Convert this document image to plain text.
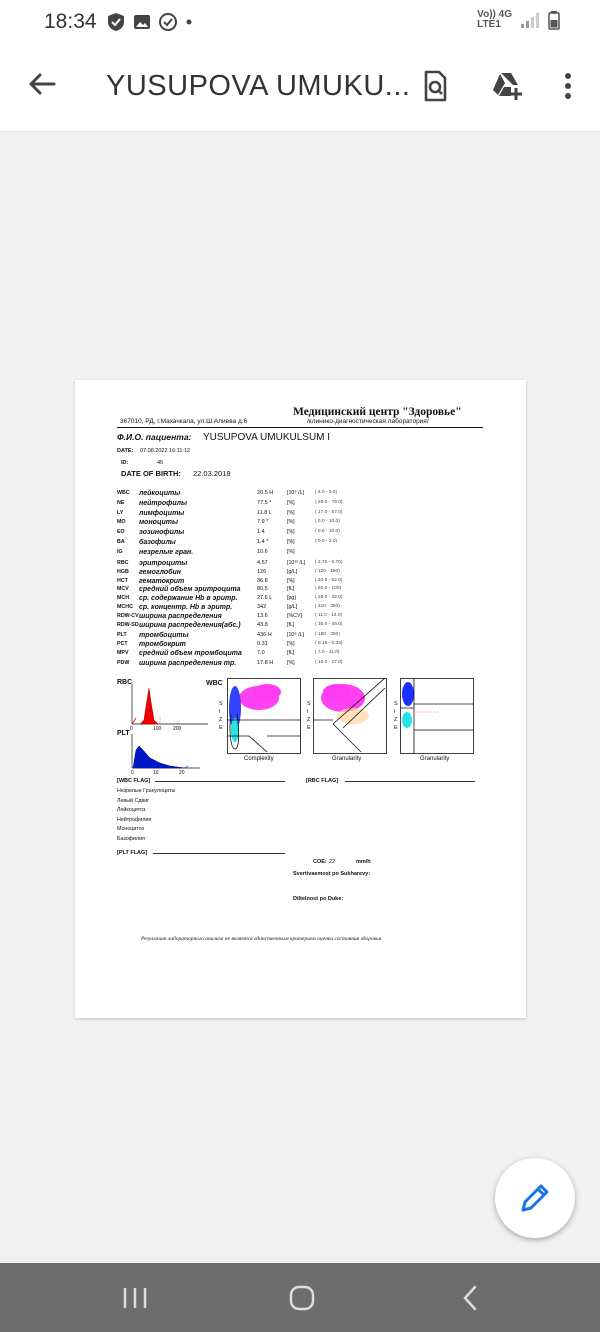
18:34	Vo)) 4G
LTE1
YUSUPOVA UMUKU...
Медицинский центр "Здоровье"
367010, РД, г.Махачкала, ул.Ш.Алиева д.6	/клинико-диагностическая лаборатория/
Ф.И.О. пациента: YUSUPOVA UMUKULSUM I
DATE: 07.08.2022 16:11:12
ID:	45
DATE OF BIRTH: 22.03.2018
WBC лейкоциты	20.5 H	[10⁹ /L] ( 4.0 - 9.0)
NE нейтрофилы	77.5 *	[%]	( 28.0 - 78.0)
LY лимфоциты	11.8 L	[%]	( 17.0 - 57.0)
MO моноциты	7.9 *	[%]	( 0.0 - 10.0)
EO эозинофилы	1.4	[%]	( 0.0 - 10.0)
BA базофилы	1.4 *	[%]	( 0.0 - 2.0)
IG незрелые гран.	10.6	[%]
RBC эритроциты	4.57	[10¹² /L] ( 3.76 - 5.70)
HGB гемоглобин	126	[g/L]	( 120 - 150)
HCT гематокрит	36.8	[%]	( 33.5 - 52.0)
MCV средний объем эритроцита	80.5	[fL]	( 80.0 - 100)
MCH ср. содержание Hb в эритр.	27.6 L	[pg]	( 28.0 - 32.0)
MCHC ср. концентр. Hb в эритр.	342	[g/L]	( 310 - 350)
RDW-CV ширина распределения	13.6	[%CV]	( 11.0 - 14.0)
RDW-SD ширина распределения(абс.)	43.8	[fL]	( 35.0 - 46.0)
PLT тромбоциты	436 H	[10⁹ /L] ( 150 - 350)
PCT тромбокрит	0.31	[%]	( 0.16 - 0.33)
MPV средний объем тромбоцита	7.0	[fL]	( 7.0 - 11.0)
PDW ширина распределения тр.	17.8 H	[%]	( 15.0 - 17.0)
RBC
0	100 200
PLT
0	10	20
WBC
S I Z E
Complexity
S I Z E
Granularity
S I Z E
Granularity
[WBC FLAG]	[RBC FLAG]
Незрелые Гранулоциты
Левый Сдвиг
Лейкоцитоз
Нейтрофилия
Моноцитоз
Базофилия
[PLT FLAG]
COE: 22	mm/h
Svertivaemost po Sukharevy:
Diltelnost po Duke:
Результат лабораторного анализа не является единственным критерием оценка состояния здоровья
